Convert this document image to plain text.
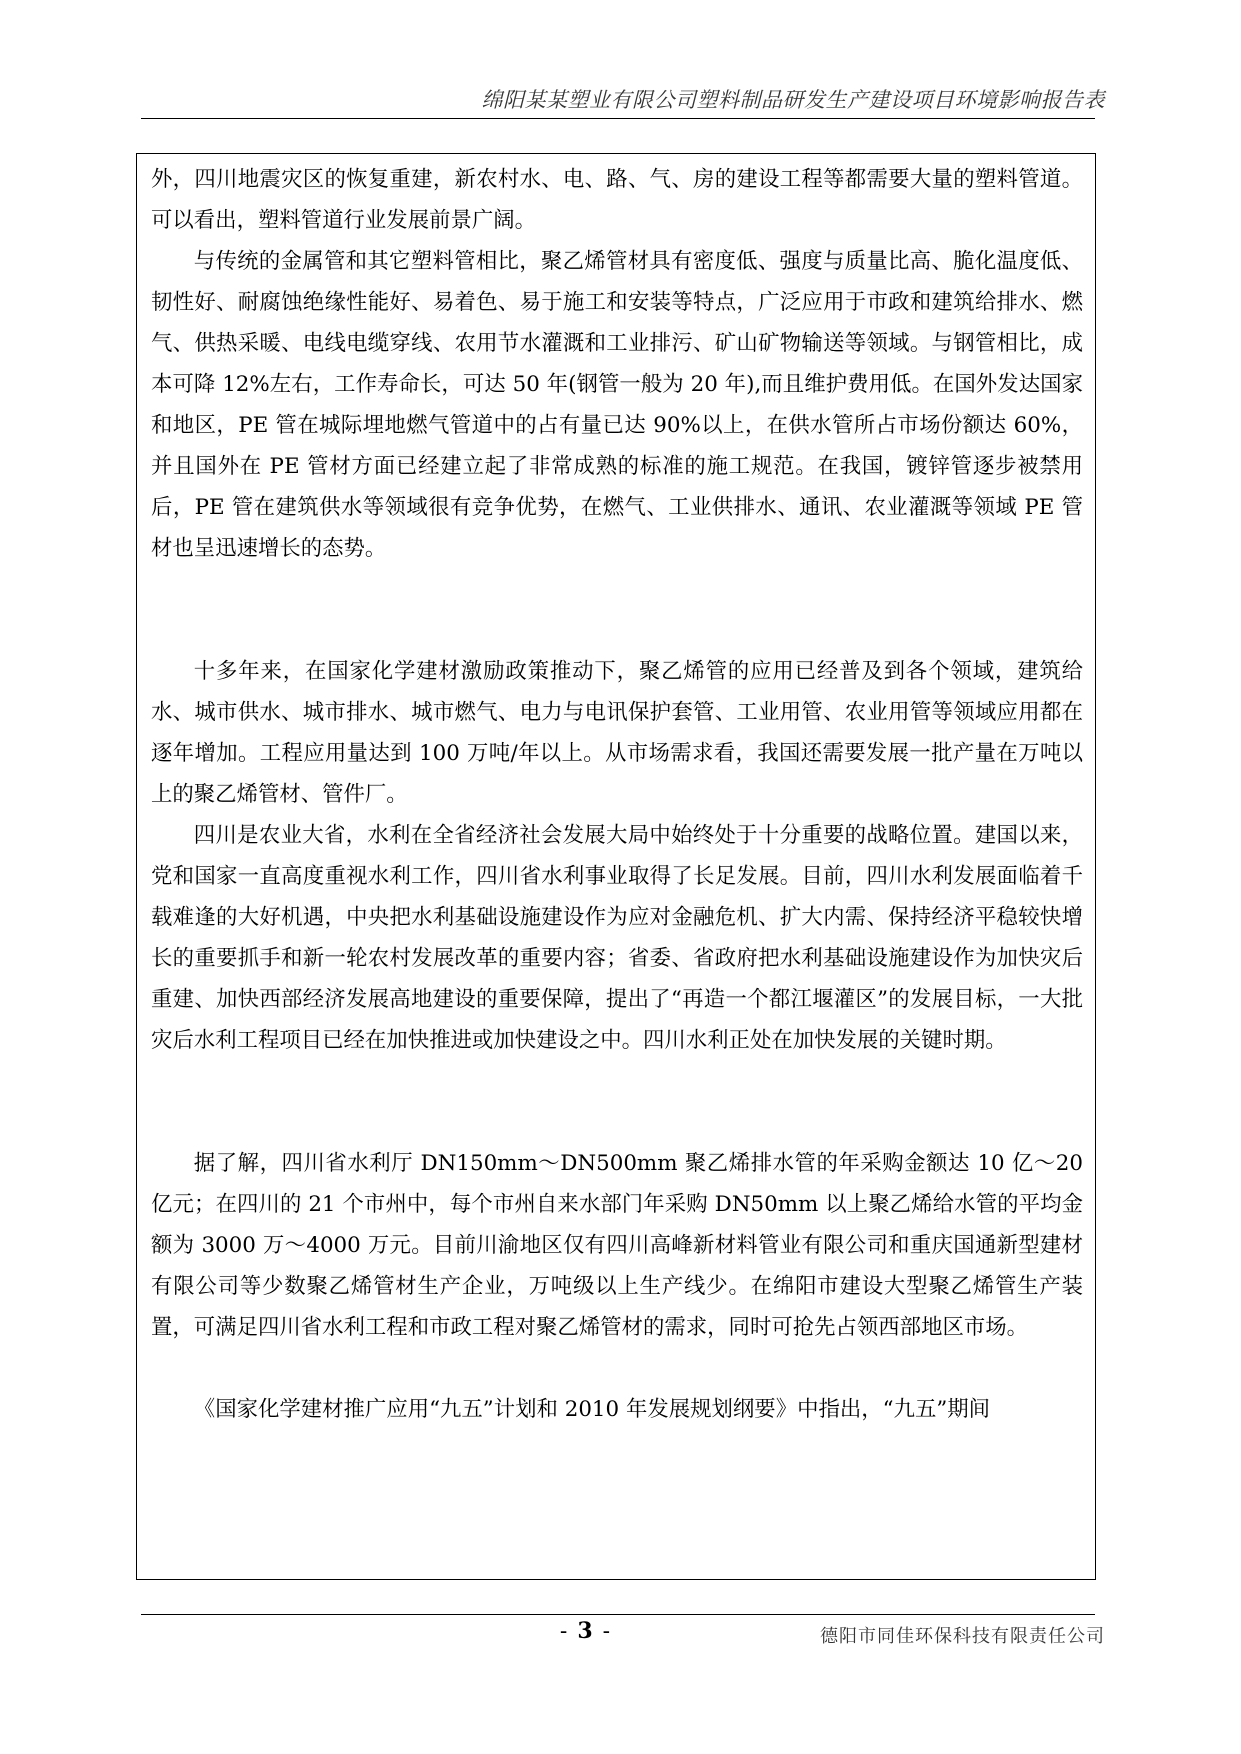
绵阳某某塑业有限公司塑料制品研发生产建设项目环境影响报告表

外，四川地震灾区的恢复重建，新农村水、电、路、气、房的建设工程等都需要大量的塑料管道。可以看出，塑料管道行业发展前景广阔。

与传统的金属管和其它塑料管相比，聚乙烯管材具有密度低、强度与质量比高、脆化温度低、韧性好、耐腐蚀绝缘性能好、易着色、易于施工和安装等特点，广泛应用于市政和建筑给排水、燃气、供热采暖、电线电缆穿线、农用节水灌溉和工业排污、矿山矿物输送等领域。与钢管相比，成本可降 12%左右，工作寿命长，可达 50 年(钢管一般为 20 年),而且维护费用低。在国外发达国家和地区，PE 管在城际埋地燃气管道中的占有量已达 90%以上，在供水管所占市场份额达 60%，并且国外在 PE 管材方面已经建立起了非常成熟的标准的施工规范。在我国，镀锌管逐步被禁用后，PE 管在建筑供水等领域很有竞争优势，在燃气、工业供排水、通讯、农业灌溉等领域 PE 管材也呈迅速增长的态势。

十多年来，在国家化学建材激励政策推动下，聚乙烯管的应用已经普及到各个领域，建筑给水、城市供水、城市排水、城市燃气、电力与电讯保护套管、工业用管、农业用管等领域应用都在逐年增加。工程应用量达到 100 万吨/年以上。从市场需求看，我国还需要发展一批产量在万吨以上的聚乙烯管材、管件厂。

四川是农业大省，水利在全省经济社会发展大局中始终处于十分重要的战略位置。建国以来，党和国家一直高度重视水利工作，四川省水利事业取得了长足发展。目前，四川水利发展面临着千载难逢的大好机遇，中央把水利基础设施建设作为应对金融危机、扩大内需、保持经济平稳较快增长的重要抓手和新一轮农村发展改革的重要内容；省委、省政府把水利基础设施建设作为加快灾后重建、加快西部经济发展高地建设的重要保障，提出了“再造一个都江堰灌区”的发展目标，一大批灾后水利工程项目已经在加快推进或加快建设之中。四川水利正处在加快发展的关键时期。

据了解，四川省水利厅 DN150mm～DN500mm 聚乙烯排水管的年采购金额达 10 亿～20 亿元；在四川的 21 个市州中，每个市州自来水部门年采购 DN50mm 以上聚乙烯给水管的平均金额为 3000 万～4000 万元。目前川渝地区仅有四川高峰新材料管业有限公司和重庆国通新型建材有限公司等少数聚乙烯管材生产企业，万吨级以上生产线少。在绵阳市建设大型聚乙烯管生产装置，可满足四川省水利工程和市政工程对聚乙烯管材的需求，同时可抢先占领西部地区市场。

《国家化学建材推广应用“九五”计划和 2010 年发展规划纲要》中指出，“九五”期间

- 3 -	德阳市同佳环保科技有限责任公司
